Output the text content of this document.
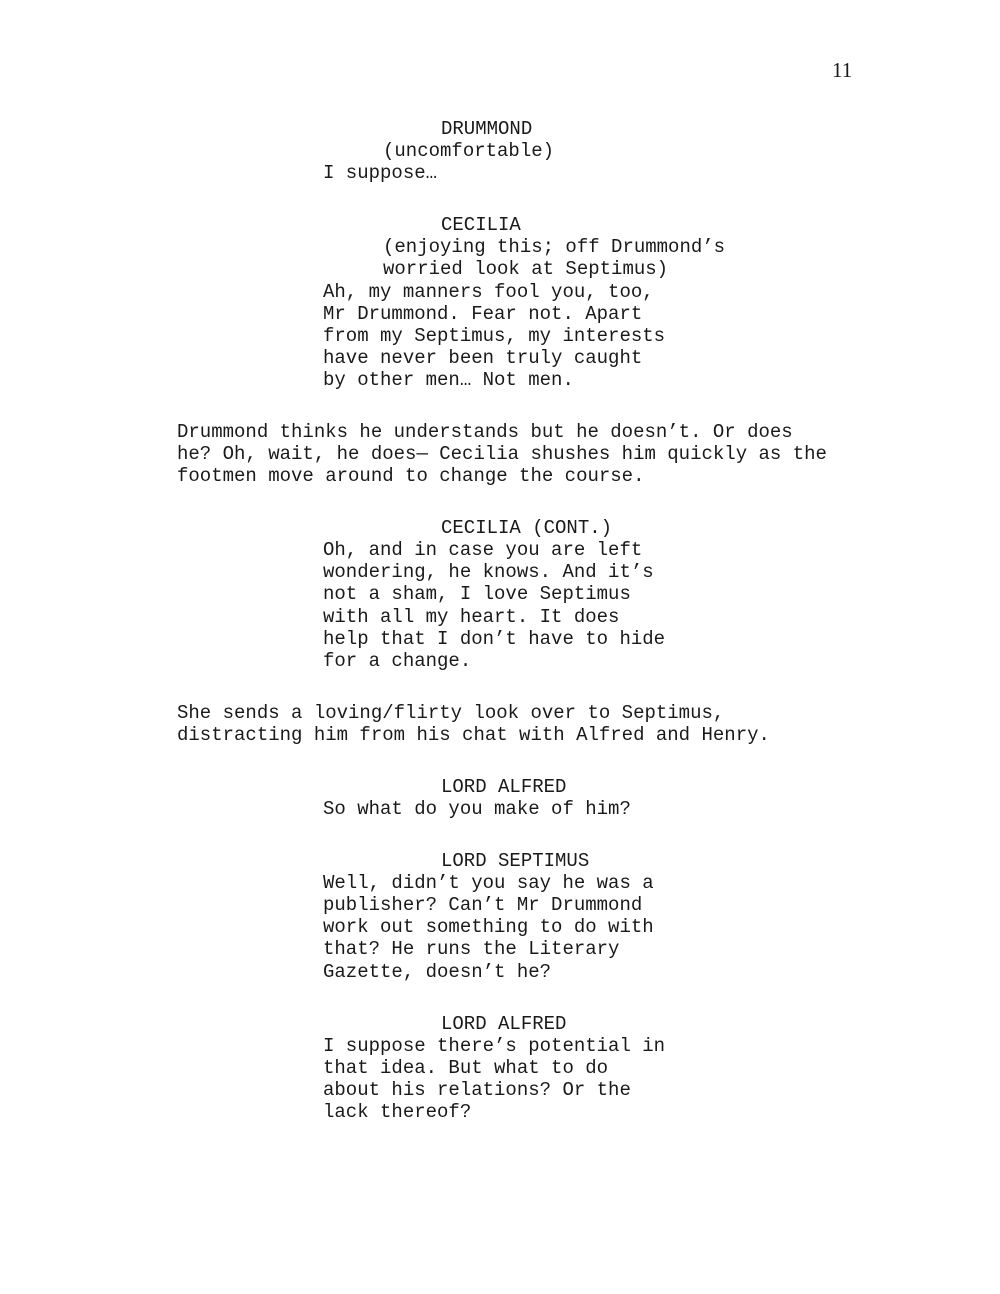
11
DRUMMOND
(uncomfortable)
I suppose…
CECILIA
(enjoying this; off Drummond’s
worried look at Septimus)
Ah, my manners fool you, too,
Mr Drummond. Fear not. Apart
from my Septimus, my interests
have never been truly caught
by other men… Not men.
Drummond thinks he understands but he doesn’t. Or does
he? Oh, wait, he does— Cecilia shushes him quickly as the
footmen move around to change the course.
CECILIA (CONT.)
Oh, and in case you are left
wondering, he knows. And it’s
not a sham, I love Septimus
with all my heart. It does
help that I don’t have to hide
for a change.
She sends a loving/flirty look over to Septimus,
distracting him from his chat with Alfred and Henry.
LORD ALFRED
So what do you make of him?
LORD SEPTIMUS
Well, didn’t you say he was a
publisher? Can’t Mr Drummond
work out something to do with
that? He runs the Literary
Gazette, doesn’t he?
LORD ALFRED
I suppose there’s potential in
that idea. But what to do
about his relations? Or the
lack thereof?
